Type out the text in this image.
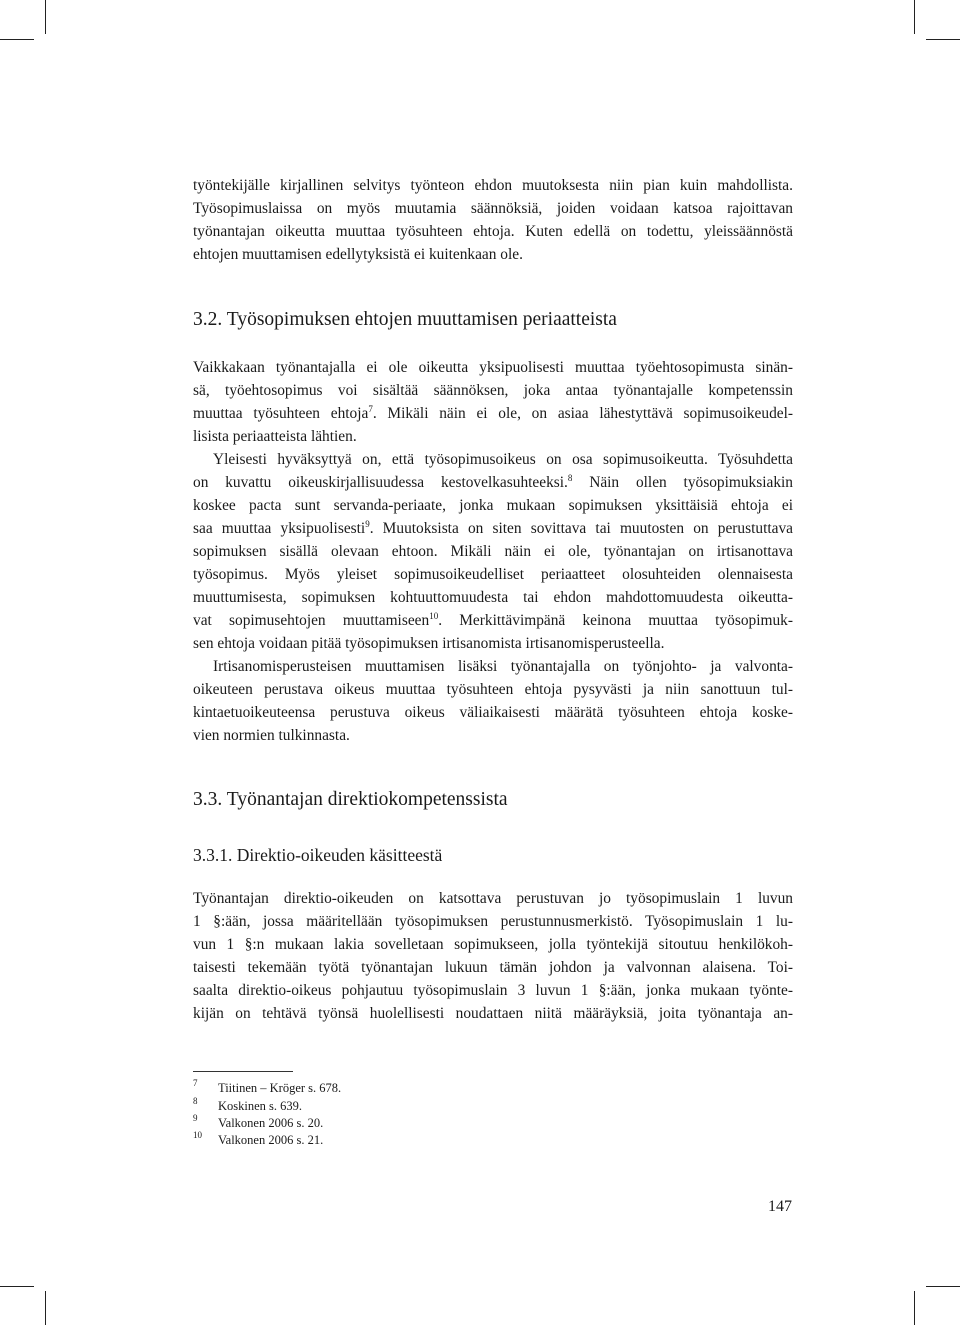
työntekijälle kirjallinen selvitys työnteon ehdon muutoksesta niin pian kuin mahdollista.
Työsopimuslaissa on myös muutamia säännöksiä, joiden voidaan katsoa rajoittavan
työnantajan oikeutta muuttaa työsuhteen ehtoja. Kuten edellä on todettu, yleissäännöstä
ehtojen muuttamisen edellytyksistä ei kuitenkaan ole.
3.2. Työsopimuksen ehtojen muuttamisen periaatteista
Vaikkakaan työnantajalla ei ole oikeutta yksipuolisesti muuttaa työehtosopimusta sinän-
sä, työehtosopimus voi sisältää säännöksen, joka antaa työnantajalle kompetenssin
muuttaa työsuhteen ehtoja$^7$. Mikäli näin ei ole, on asiaa lähestyttävä sopimusoikeudel-
lisista periaatteista lähtien.
Yleisesti hyväksyttyä on, että työsopimusoikeus on osa sopimusoikeutta. Työsuhdetta
on kuvattu oikeuskirjallisuudessa kestovelkasuhteeksi.$^8$ Näin ollen työsopimuksiakin
koskee pacta sunt servanda-periaate, jonka mukaan sopimuksen yksittäisiä ehtoja ei
saa muuttaa yksipuolisesti$^9$. Muutoksista on siten sovittava tai muutosten on perustuttava
sopimuksen sisällä olevaan ehtoon. Mikäli näin ei ole, työnantajan on irtisanottava
työsopimus. Myös yleiset sopimusoikeudelliset periaatteet olosuhteiden olennaisesta
muuttumisesta, sopimuksen kohtuuttomuudesta tai ehdon mahdottomuudesta oikeutta-
vat sopimusehtojen muuttamiseen$^{10}$. Merkittävimpänä keinona muuttaa työsopimuk-
sen ehtoja voidaan pitää työsopimuksen irtisanomista irtisanomisperusteella.
Irtisanomisperusteisen muuttamisen lisäksi työnantajalla on työnjohto- ja valvonta-
oikeuteen perustava oikeus muuttaa työsuhteen ehtoja pysyvästi ja niin sanottuun tul-
kintaetuoikeuteensa perustuva oikeus väliaikaisesti määrätä työsuhteen ehtoja koske-
vien normien tulkinnasta.
3.3. Työnantajan direktiokompetenssista
3.3.1. Direktio-oikeuden käsitteestä
Työnantajan direktio-oikeuden on katsottava perustuvan jo työsopimuslain 1 luvun
1 §:ään, jossa määritellään työsopimuksen perustunnusmerkistö. Työsopimuslain 1 lu-
vun 1 §:n mukaan lakia sovelletaan sopimukseen, jolla työntekijä sitoutuu henkilökoh-
taisesti tekemään työtä työnantajan lukuun tämän johdon ja valvonnan alaisena. Toi-
saalta direktio-oikeus pohjautuu työsopimuslain 3 luvun 1 §:ään, jonka mukaan työnte-
kijän on tehtävä työnsä huolellisesti noudattaen niitä määräyksiä, joita työnantaja an-
7 Tiitinen – Kröger s. 678.
8 Koskinen s. 639.
9 Valkonen 2006 s. 20.
10 Valkonen 2006 s. 21.
147
